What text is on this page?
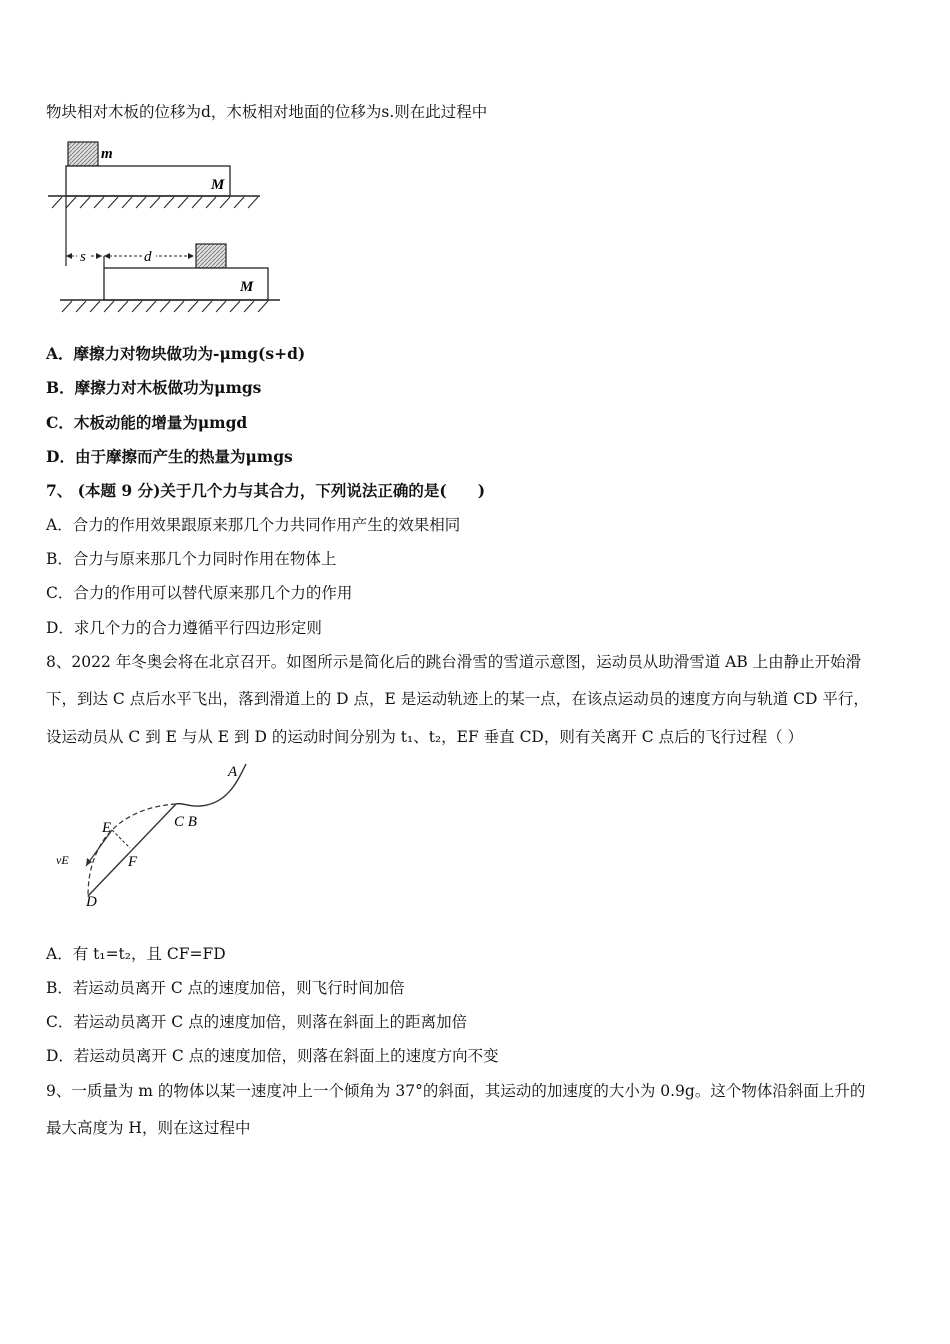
物块相对木板的位移为d，木板相对地面的位移为s.则在此过程中
m
M
s	d
M
A．摩擦力对物块做功为-μmg(s+d)
B．摩擦力对木板做功为μmgs
C．木板动能的增量为μmgd
D．由于摩擦而产生的热量为μmgs
7、 (本题 9 分)关于几个力与其合力，下列说法正确的是(　　)
A．合力的作用效果跟原来那几个力共同作用产生的效果相同
B．合力与原来那几个力同时作用在物体上
C．合力的作用可以替代原来那几个力的作用
D．求几个力的合力遵循平行四边形定则
8、2022 年冬奥会将在北京召开。如图所示是简化后的跳台滑雪的雪道示意图，运动员从助滑雪道 AB 上由静止开始滑
下，到达 C 点后水平飞出，落到滑道上的 D 点，E 是运动轨迹上的某一点，在该点运动员的速度方向与轨道 CD 平行，
设运动员从 C 到 E 与从 E 到 D 的运动时间分别为 t₁、t₂，EF 垂直 CD，则有关离开 C 点后的飞行过程（ ）
A
C B
E
F
D
vE
A．有 t₁=t₂，且 CF=FD
B．若运动员离开 C 点的速度加倍，则飞行时间加倍
C．若运动员离开 C 点的速度加倍，则落在斜面上的距离加倍
D．若运动员离开 C 点的速度加倍，则落在斜面上的速度方向不变
9、一质量为 m 的物体以某一速度冲上一个倾角为 37°的斜面，其运动的加速度的大小为 0.9g。这个物体沿斜面上升的
最大高度为 H，则在这过程中
